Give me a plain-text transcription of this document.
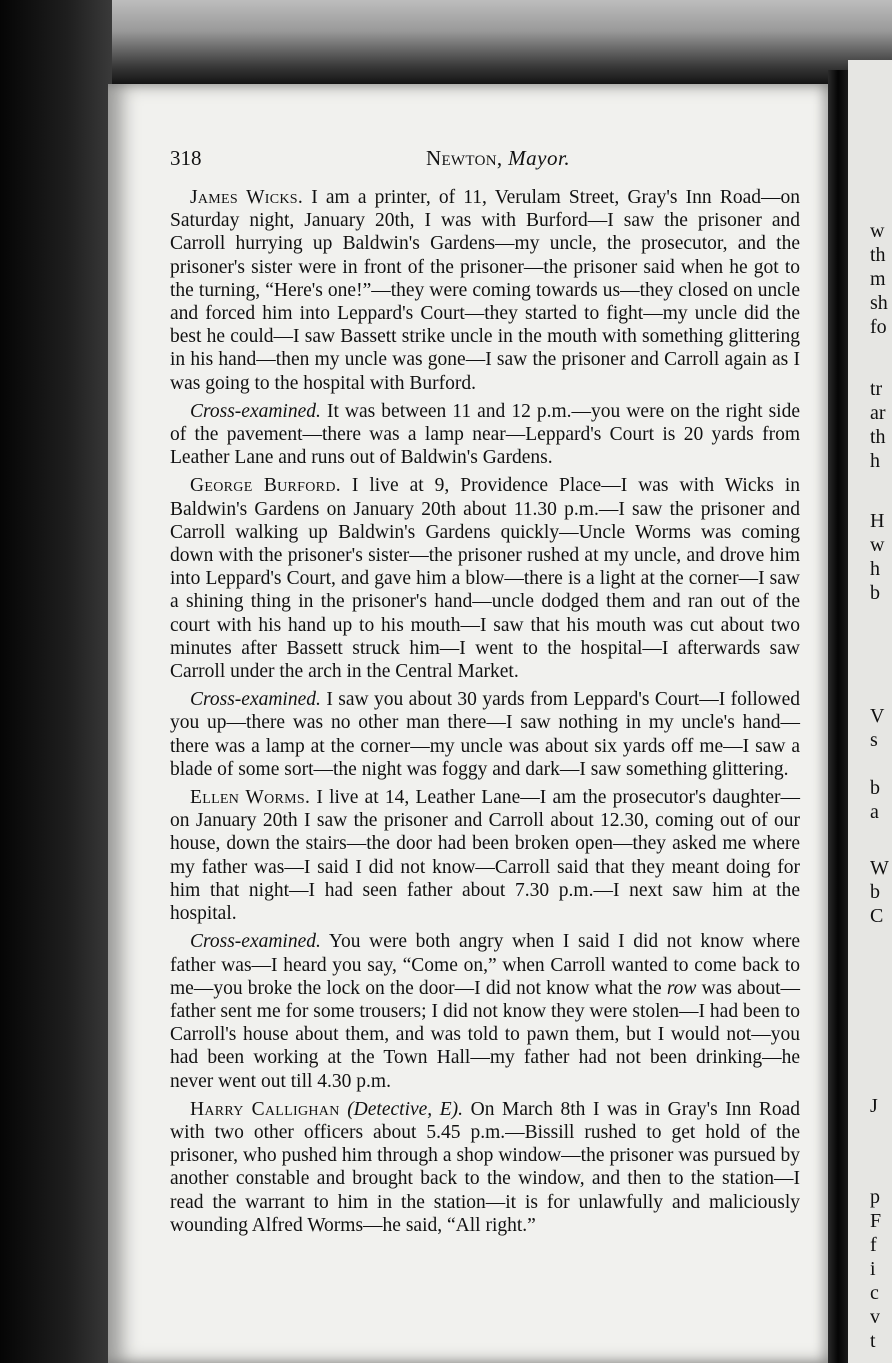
w
th
m
sh
fo
tr
ar
th
h
H
w
h
b
V
s
b
a
W
b
C
J
p
F
f
i
c
v
t
318	Newton, Mayor.

James Wicks. I am a printer, of 11, Verulam Street, Gray's Inn Road—on Saturday night, January 20th, I was with Burford—I saw the prisoner and Carroll hurrying up Baldwin's Gardens—my uncle, the prosecutor, and the prisoner's sister were in front of the prisoner—the prisoner said when he got to the turning, “Here's one!”—they were coming towards us—they closed on uncle and forced him into Leppard's Court—they started to fight—my uncle did the best he could—I saw Bassett strike uncle in the mouth with something glittering in his hand—then my uncle was gone—I saw the prisoner and Carroll again as I was going to the hospital with Burford.

Cross-examined. It was between 11 and 12 p.m.—you were on the right side of the pavement—there was a lamp near—Leppard's Court is 20 yards from Leather Lane and runs out of Baldwin's Gardens.

George Burford. I live at 9, Providence Place—I was with Wicks in Baldwin's Gardens on January 20th about 11.30 p.m.—I saw the prisoner and Carroll walking up Baldwin's Gardens quickly—Uncle Worms was coming down with the prisoner's sister—the prisoner rushed at my uncle, and drove him into Leppard's Court, and gave him a blow—there is a light at the corner—I saw a shining thing in the prisoner's hand—uncle dodged them and ran out of the court with his hand up to his mouth—I saw that his mouth was cut about two minutes after Bassett struck him—I went to the hospital—I afterwards saw Carroll under the arch in the Central Market.

Cross-examined. I saw you about 30 yards from Leppard's Court—I followed you up—there was no other man there—I saw nothing in my uncle's hand—there was a lamp at the corner—my uncle was about six yards off me—I saw a blade of some sort—the night was foggy and dark—I saw something glittering.

Ellen Worms. I live at 14, Leather Lane—I am the prosecutor's daughter—on January 20th I saw the prisoner and Carroll about 12.30, coming out of our house, down the stairs—the door had been broken open—they asked me where my father was—I said I did not know—Carroll said that they meant doing for him that night—I had seen father about 7.30 p.m.—I next saw him at the hospital.

Cross-examined. You were both angry when I said I did not know where father was—I heard you say, “Come on,” when Carroll wanted to come back to me—you broke the lock on the door—I did not know what the row was about—father sent me for some trousers; I did not know they were stolen—I had been to Carroll's house about them, and was told to pawn them, but I would not—you had been working at the Town Hall—my father had not been drinking—he never went out till 4.30 p.m.

Harry Callighan (Detective, E). On March 8th I was in Gray's Inn Road with two other officers about 5.45 p.m.—Bissill rushed to get hold of the prisoner, who pushed him through a shop window—the prisoner was pursued by another constable and brought back to the window, and then to the station—I read the warrant to him in the station—it is for unlawfully and maliciously wounding Alfred Worms—he said, “All right.”
